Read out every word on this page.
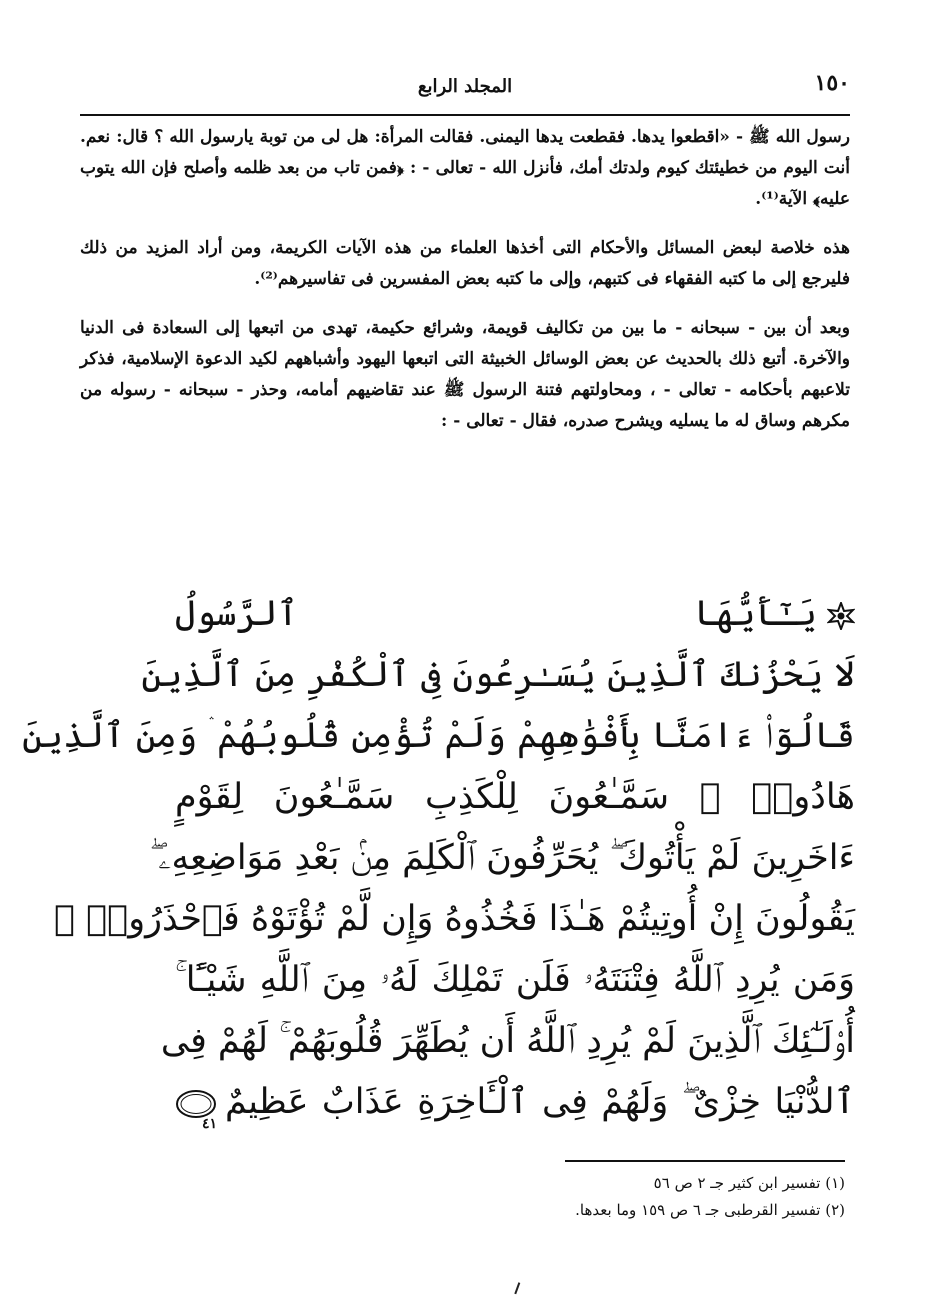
١٥٠
المجلد الرابع

رسول الله ﷺ - «اقطعوا يدها. فقطعت يدها اليمنى. فقالت المرأة: هل لى من توبة يارسول الله ؟ قال: نعم. أنت اليوم من خطيئتك كيوم ولدتك أمك، فأنزل الله - تعالى - : ﴿فمن تاب من بعد ظلمه وأصلح فإن الله يتوب عليه﴾ الآية⁽¹⁾.

هذه خلاصة لبعض المسائل والأحكام التى أخذها العلماء من هذه الآيات الكريمة، ومن أراد المزيد من ذلك فليرجع إلى ما كتبه الفقهاء فى كتبهم، وإلى ما كتبه بعض المفسرين فى تفاسيرهم⁽²⁾.

وبعد أن بين - سبحانه - ما بين من تكاليف قويمة، وشرائع حكيمة، تهدى من اتبعها إلى السعادة فى الدنيا والآخرة. أتبع ذلك بالحديث عن بعض الوسائل الخبيثة التى اتبعها اليهود وأشباههم لكيد الدعوة الإسلامية، فذكر تلاعبهم بأحكامه - تعالى - ، ومحاولتهم فتنة الرسول ﷺ عند تقاضيهم أمامه، وحذر - سبحانه - رسوله من مكرهم وساق له ما يسليه ويشرح صدره، فقال - تعالى - :

يَـٰٓأَيُّهَا ٱلرَّسُولُ
لَا يَحْزُنكَ ٱلَّذِينَ يُسَـٰرِعُونَ فِى ٱلْكُفْرِ مِنَ ٱلَّذِينَ
قَالُوٓا۟ ءَامَنَّا بِأَفْوَٰهِهِمْ وَلَمْ تُؤْمِن قُلُوبُهُمْ ۛ وَمِنَ ٱلَّذِينَ
هَادُوا۟ ۛ سَمَّـٰعُونَ لِلْكَذِبِ سَمَّـٰعُونَ لِقَوْمٍ
ءَاخَرِينَ لَمْ يَأْتُوكَ ۖ يُحَرِّفُونَ ٱلْكَلِمَ مِنۢ بَعْدِ مَوَاضِعِهِۦ ۖ
يَقُولُونَ إِنْ أُوتِيتُمْ هَـٰذَا فَخُذُوهُ وَإِن لَّمْ تُؤْتَوْهُ فَٱحْذَرُوا۟ ۚ
وَمَن يُرِدِ ٱللَّهُ فِتْنَتَهُۥ فَلَن تَمْلِكَ لَهُۥ مِنَ ٱللَّهِ شَيْـًٔا ۚ
أُو۟لَـٰٓئِكَ ٱلَّذِينَ لَمْ يُرِدِ ٱللَّهُ أَن يُطَهِّرَ قُلُوبَهُمْ ۚ لَهُمْ فِى
ٱلدُّنْيَا خِزْىٌ ۖ وَلَهُمْ فِى ٱلْـَٔاخِرَةِ عَذَابٌ عَظِيمٌ
٤١
(١) تفسير ابن كثير جـ ٢ ص ٥٦
(٢) تفسير القرطبى جـ ٦ ص ١٥٩ وما بعدها.
